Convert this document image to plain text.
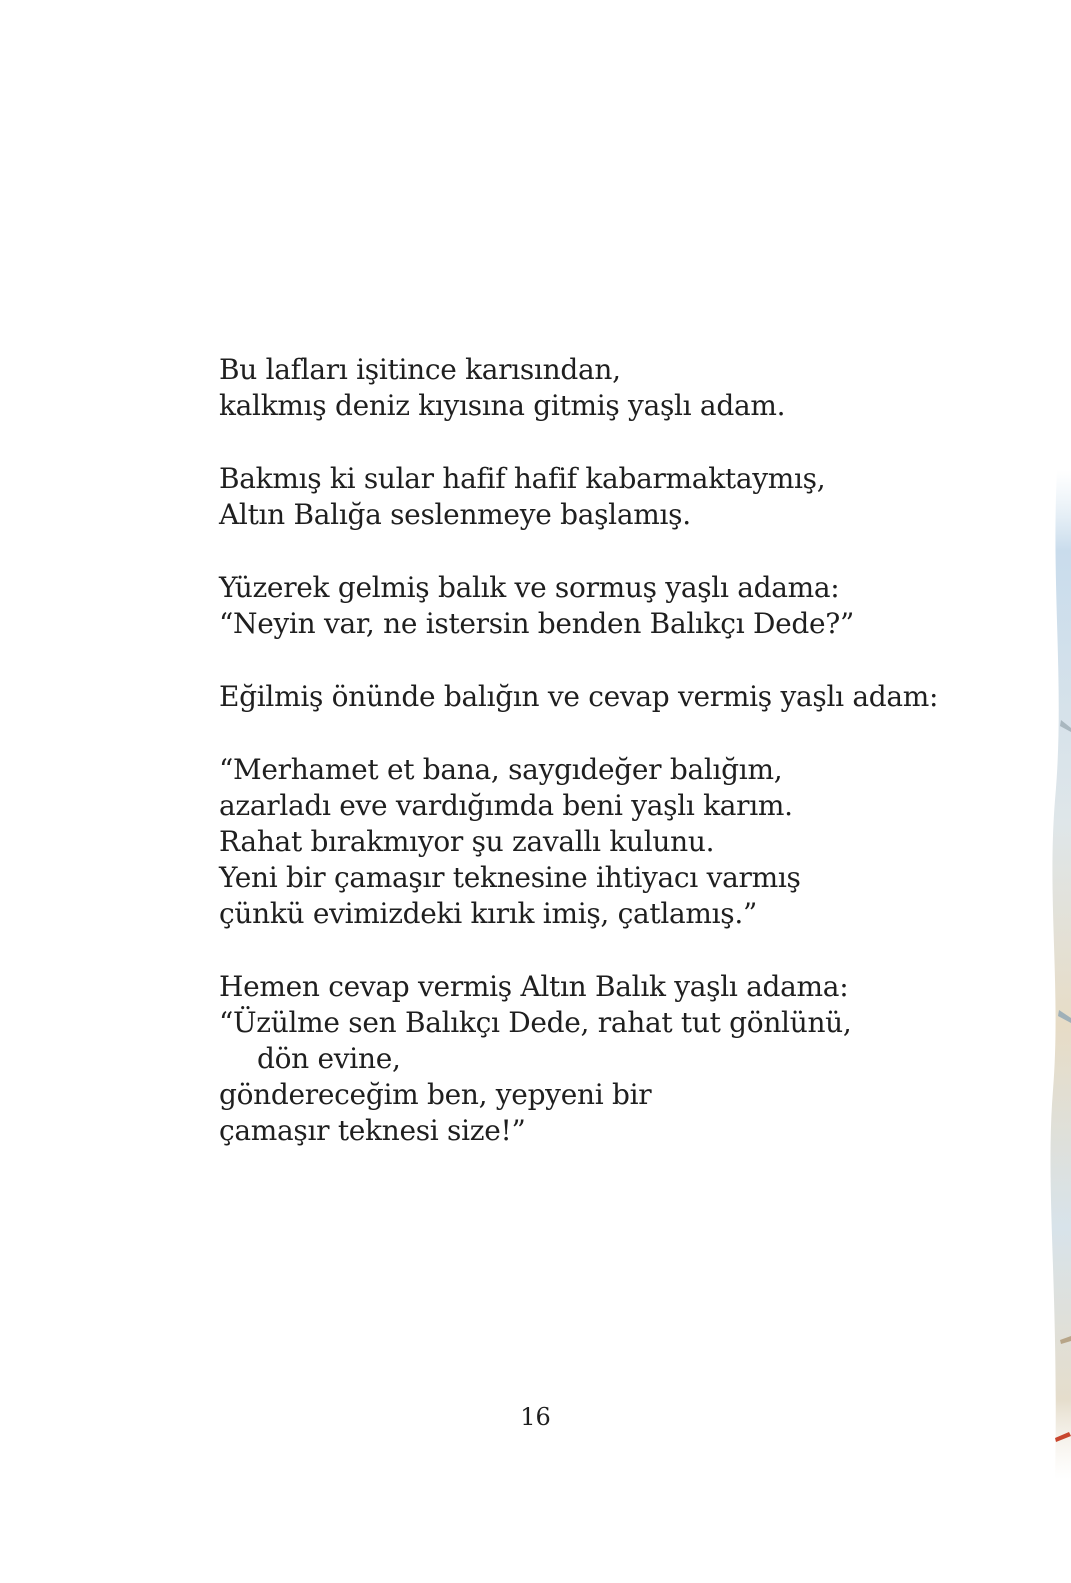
Bu lafları işitince karısından,
kalkmış deniz kıyısına gitmiş yaşlı adam.
Bakmış ki sular hafif hafif kabarmaktaymış,
Altın Balığa seslenmeye başlamış.
Yüzerek gelmiş balık ve sormuş yaşlı adama:
“Neyin var, ne istersin benden Balıkçı Dede?”
Eğilmiş önünde balığın ve cevap vermiş yaşlı adam:
“Merhamet et bana, saygıdeğer balığım,
azarladı eve vardığımda beni yaşlı karım.
Rahat bırakmıyor şu zavallı kulunu.
Yeni bir çamaşır teknesine ihtiyacı varmış
çünkü evimizdeki kırık imiş, çatlamış.”
Hemen cevap vermiş Altın Balık yaşlı adama:
“Üzülme sen Balıkçı Dede, rahat tut gönlünü,
dön evine,
göndereceğim ben, yepyeni bir
çamaşır teknesi size!”
16
